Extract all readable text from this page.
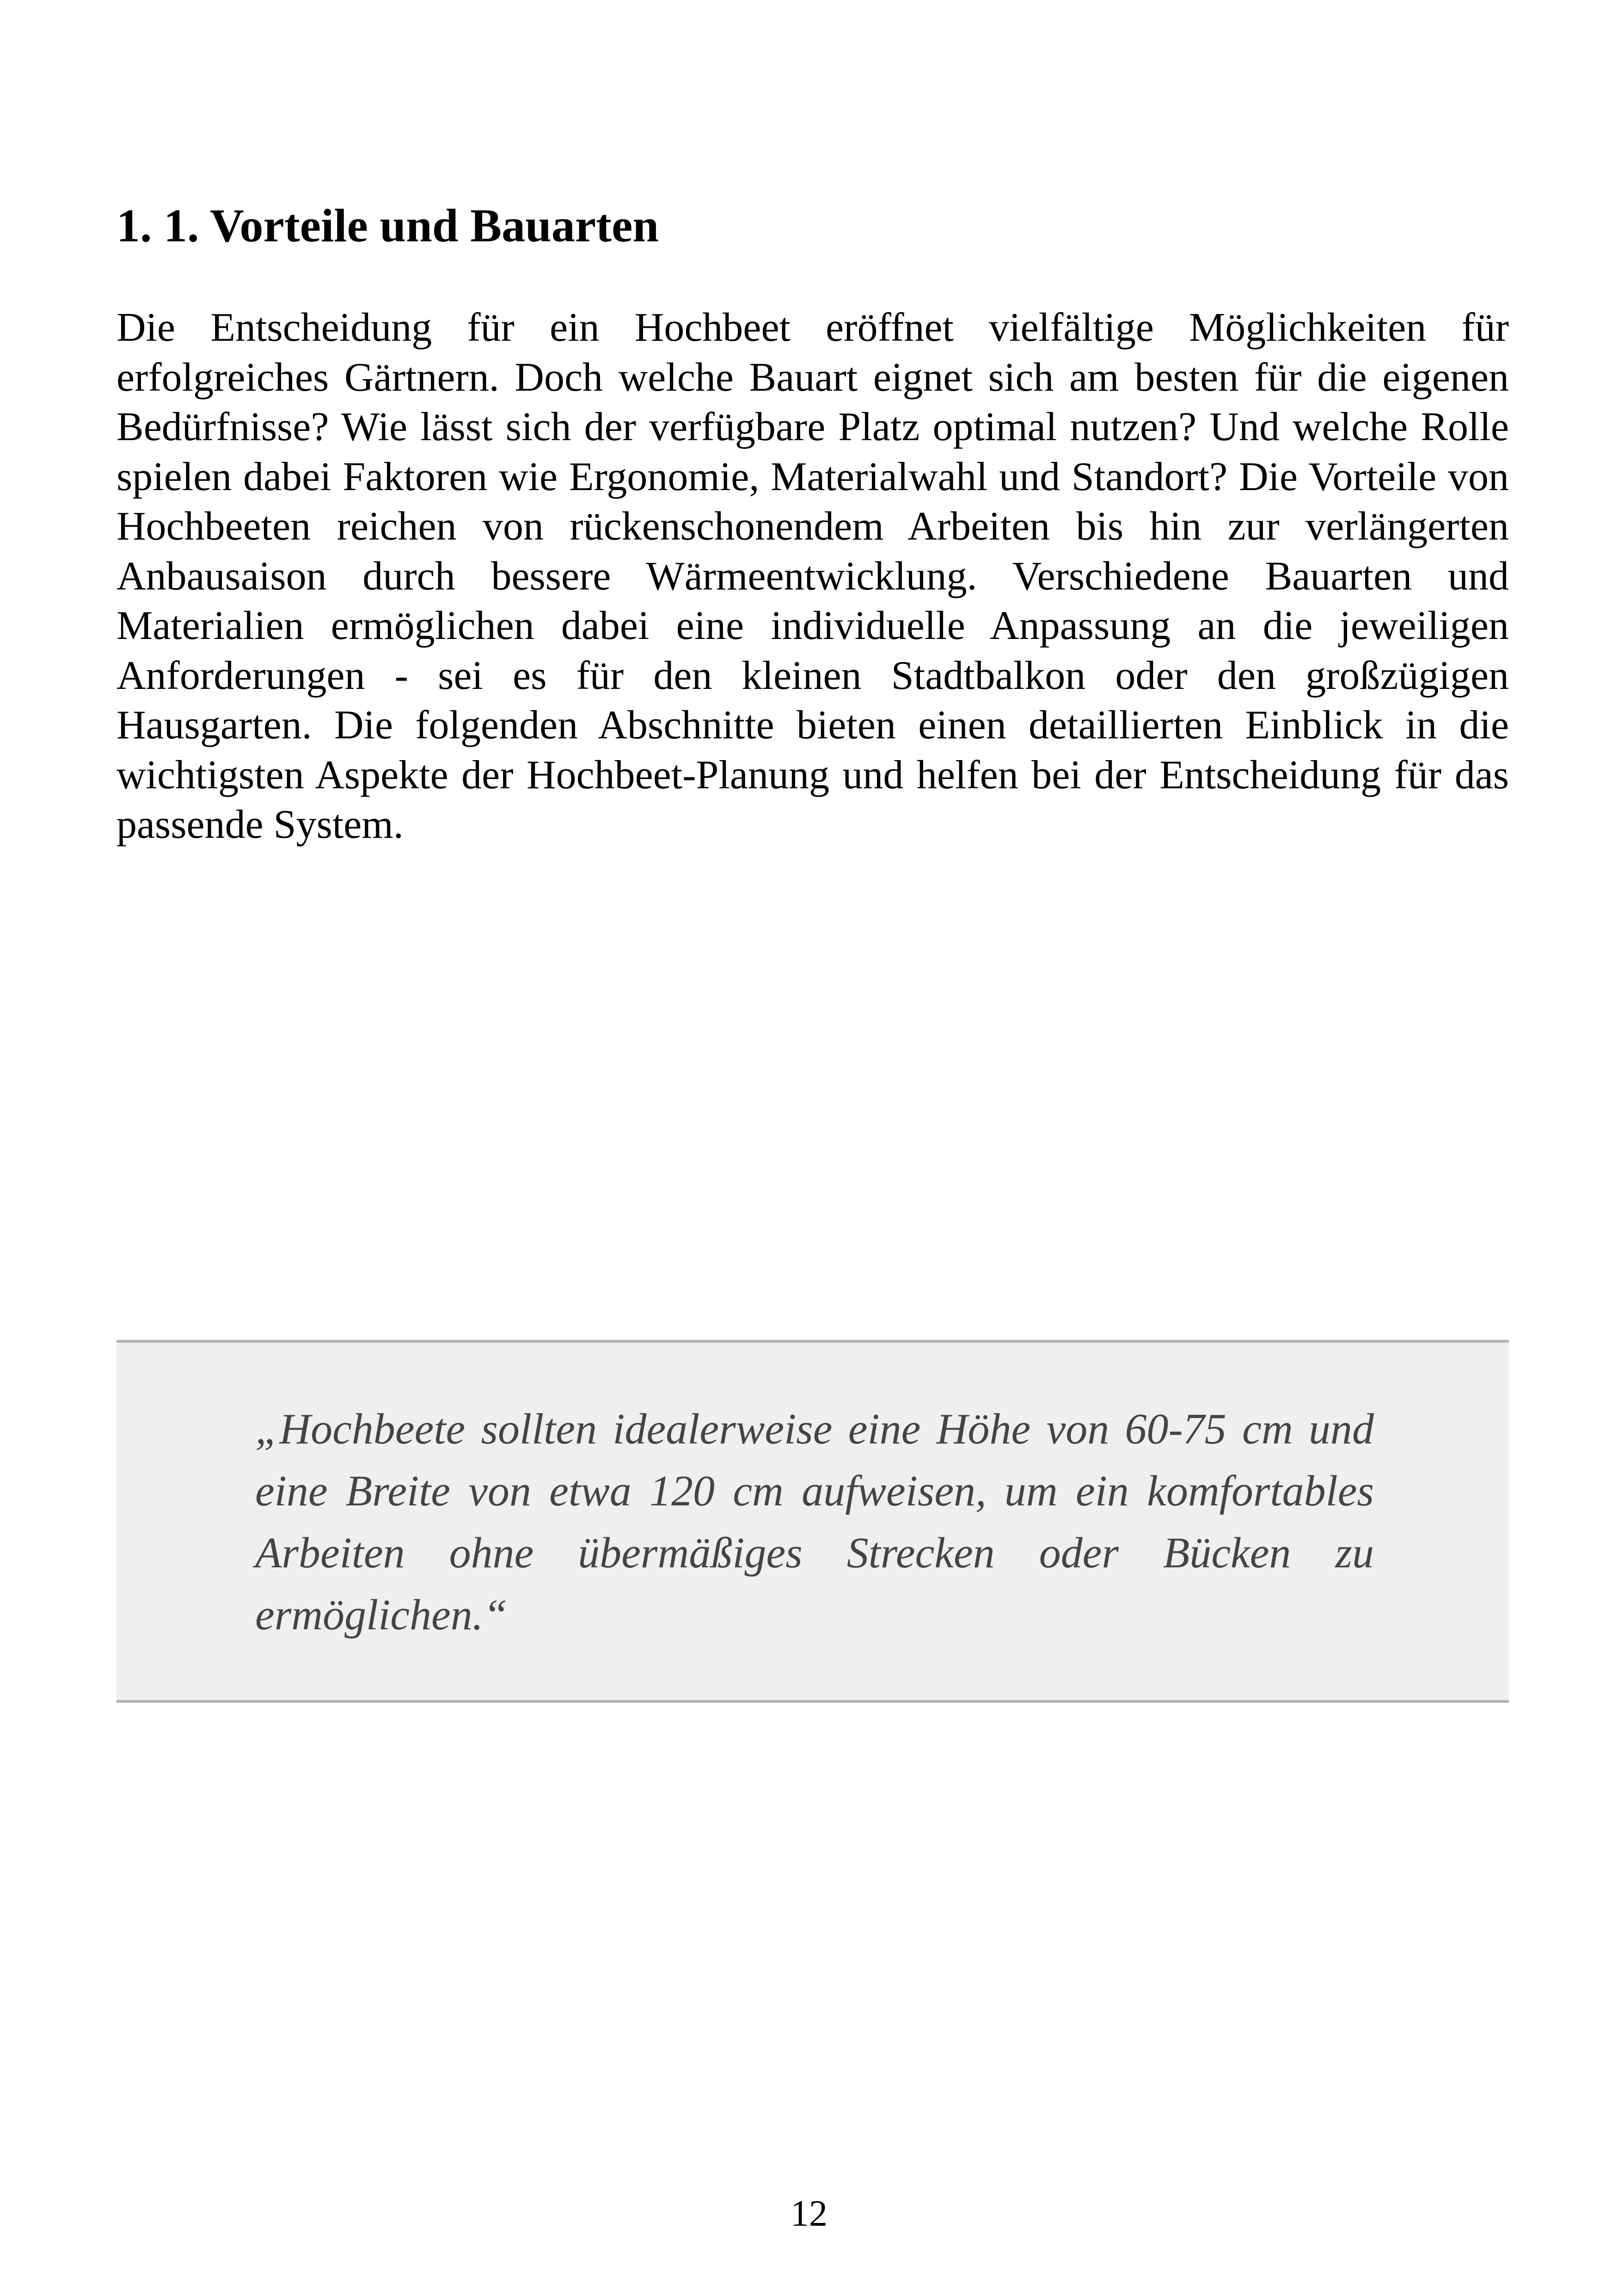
1. 1. Vorteile und Bauarten

Die Entscheidung für ein Hochbeet eröffnet vielfältige Möglichkeiten für erfolgreiches Gärtnern. Doch welche Bauart eignet sich am besten für die eigenen Bedürfnisse? Wie lässt sich der verfügbare Platz optimal nutzen? Und welche Rolle spielen dabei Faktoren wie Ergonomie, Materialwahl und Standort? Die Vorteile von Hochbeeten reichen von rückenschonendem Arbeiten bis hin zur verlängerten Anbausaison durch bessere Wärmeentwicklung. Verschiedene Bauarten und Materialien ermöglichen dabei eine individuelle Anpassung an die jeweiligen Anforderungen - sei es für den kleinen Stadtbalkon oder den großzügigen Hausgarten. Die folgenden Abschnitte bieten einen detaillierten Einblick in die wichtigsten Aspekte der Hochbeet-Planung und helfen bei der Entscheidung für das passende System.

„Hochbeete sollten idealerweise eine Höhe von 60-75 cm und eine Breite von etwa 120 cm aufweisen, um ein komfortables Arbeiten ohne übermäßiges Strecken oder Bücken zu ermöglichen.“

12
